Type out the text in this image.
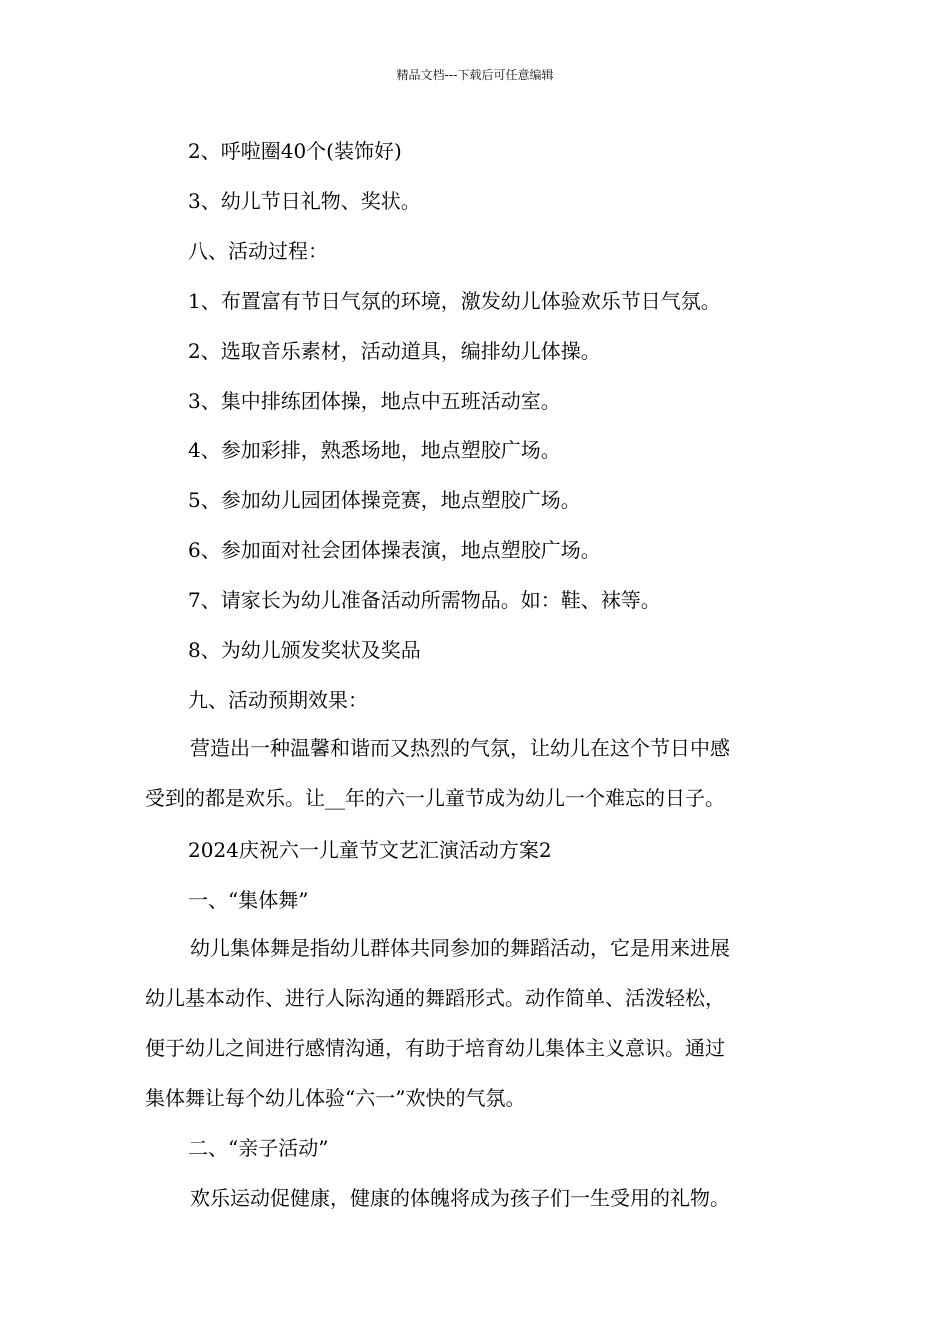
精品文档---下载后可任意编辑
2、呼啦圈40个(装饰好)
3、幼儿节日礼物、奖状。
八、活动过程：
1、布置富有节日气氛的环境，激发幼儿体验欢乐节日气氛。
2、选取音乐素材，活动道具，编排幼儿体操。
3、集中排练团体操，地点中五班活动室。
4、参加彩排，熟悉场地，地点塑胶广场。
5、参加幼儿园团体操竞赛，地点塑胶广场。
6、参加面对社会团体操表演，地点塑胶广场。
7、请家长为幼儿准备活动所需物品。如：鞋、袜等。
8、为幼儿颁发奖状及奖品
九、活动预期效果：
营造出一种温馨和谐而又热烈的气氛，让幼儿在这个节日中感
受到的都是欢乐。让__年的六一儿童节成为幼儿一个难忘的日子。
2024庆祝六一儿童节文艺汇演活动方案2
一、“集体舞”
幼儿集体舞是指幼儿群体共同参加的舞蹈活动，它是用来进展
幼儿基本动作、进行人际沟通的舞蹈形式。动作简单、活泼轻松，
便于幼儿之间进行感情沟通，有助于培育幼儿集体主义意识。通过
集体舞让每个幼儿体验“六一”欢快的气氛。
二、“亲子活动”
欢乐运动促健康，健康的体魄将成为孩子们一生受用的礼物。
